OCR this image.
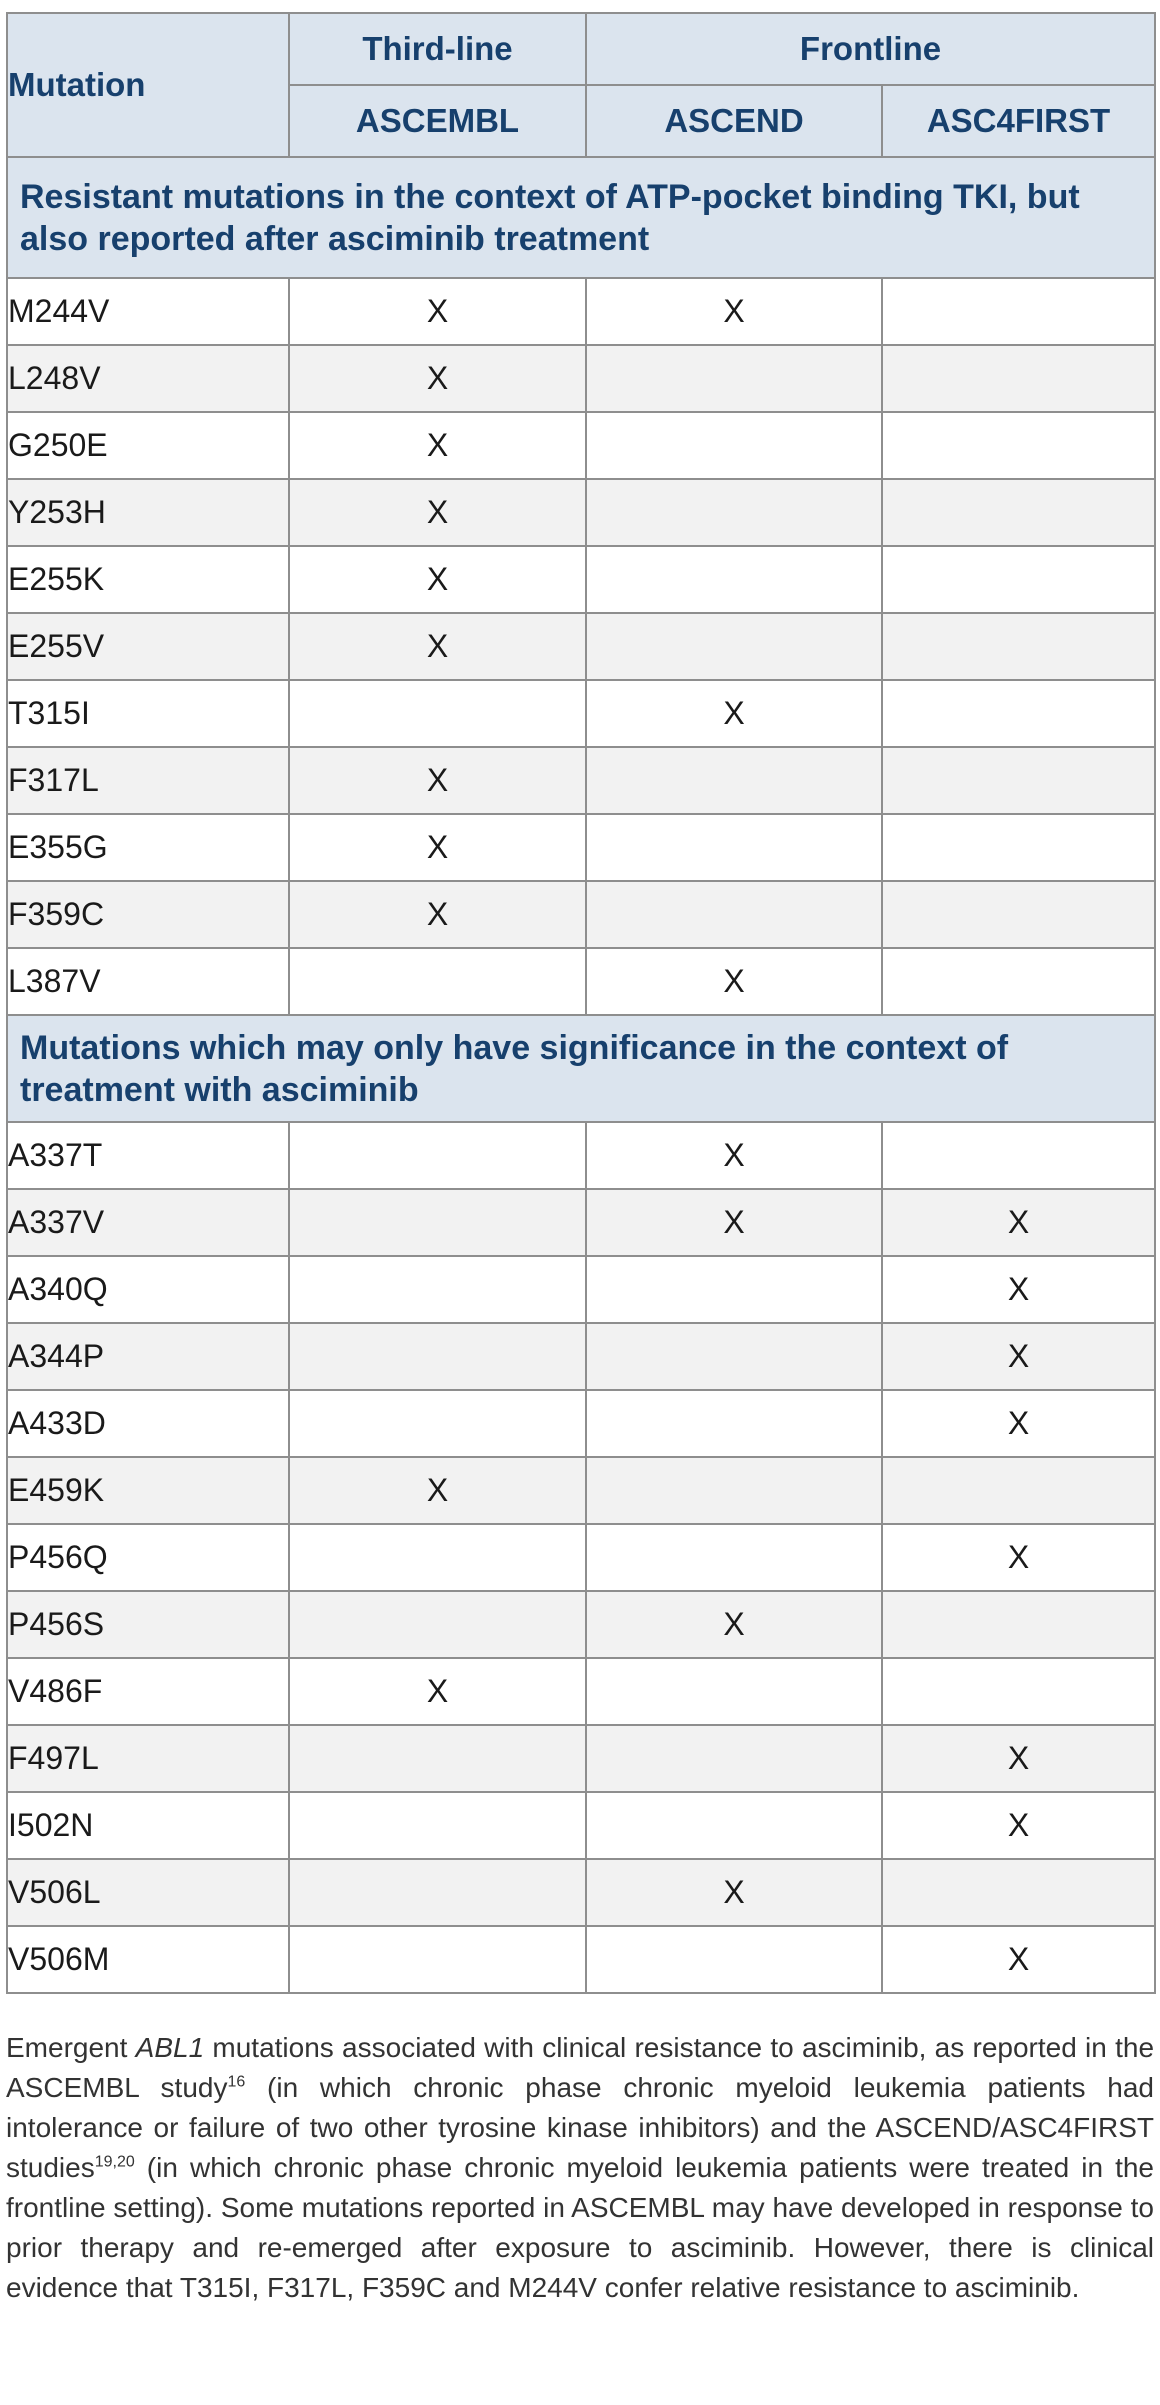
Mutation	Third-line	Frontline	
	ASCEMBL	ASCEND	ASC4FIRST
Resistant mutations in the context of ATP-pocket binding TKI, but also reported after asciminib treatment			
M244V	X	X	
L248V	X		
G250E	X		
Y253H	X		
E255K	X		
E255V	X		
T315I		X	
F317L	X		
E355G	X		
F359C	X		
L387V		X	
Mutations which may only have significance in the context of treatment with asciminib			
A337T		X	
A337V		X	X
A340Q			X
A344P			X
A433D			X
E459K	X		
P456Q			X
P456S		X	
V486F	X		
F497L			X
I502N			X
V506L		X	
V506M			X
Emergent ABL1 mutations associated with clinical resistance to asciminib, as reported in the ASCEMBL study$^{16}$ (in which chronic phase chronic myeloid leukemia patients had intolerance or failure of two other tyrosine kinase inhibitors) and the ASCEND/ASC4FIRST studies$^{19,20}$ (in which chronic phase chronic myeloid leukemia patients were treated in the frontline setting). Some mutations reported in ASCEMBL may have developed in response to prior therapy and re-emerged after exposure to asciminib. However, there is clinical evidence that T315I, F317L, F359C and M244V confer relative resistance to asciminib.
